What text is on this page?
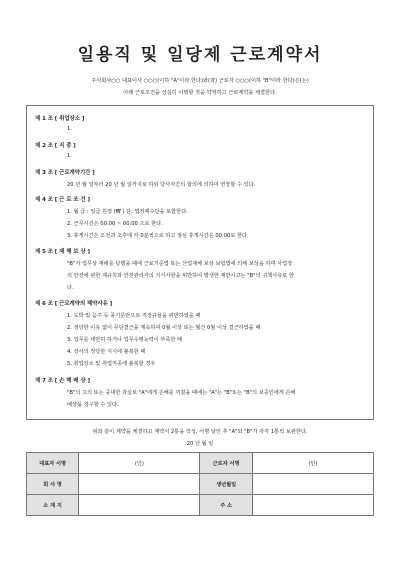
일용직 및 일당제 근로계약서
주식회사○○ 대표이사 ○○○(이하 "A"이라 한다)와(과) 근로자 ○○○(이하 "B"이라 한다)은(는)
아래 근로조건을 성실히 이행할 것을 약정하고 근로계약을 체결한다.
제 1 조 [ 취업장소 ]
1.
제 2 조 [ 직 종 ]
1.
제 3 조 [ 근로계약기간 ]
20 년 월 일부터 20 년 월 일까지로 하되 당사자간의 합의에 의하여 연장할 수 있다.
제 4 조 [ 근 로 조 건 ]
1. 월 급 : 일급 원정 (₩ ) 단, 법정제수당을 포함한다.
2. 근무시간은 00:00 ~ 00:00 으로 한다.
3. 휴게시간은 오전과 오후에 각 0분씩으로 하고 점심 휴게시간은 00:00로 한다.
제 5 조 [ 재 해 보 상 ]
"B"가 업무상 재해를 당했을 때에 근로기준법 또는 산업재해 보상 보험법에 의해 보상을 하며 사업장
의 안전에 관한 제규칙과 안전관리자의 지시사항을 위반하여 발생한 재반사고는 "B"의 귀책사유로 한
다.
제 6 조 [ 근로계약의 해약사유 ]
1. 도박 및 음주 등 풍기문란으로 직장규율을 위반하였을 때
2. 정당한 이유 없이 무단결근을 계속하여 0월 이상 또는 월간 0월 이상 결근하였을 때
3. 업무를 태만히 하거나 업무수행능력이 부족한 때
4. 상사의 정당한 지시에 불복한 때
5. 취업장소 및 취업직종에 불복할 경우
제 7 조 [ 손 해 배 상 ]
"B"의 고의 또는 중대한 과실로 "A"에게 손해를 끼쳤을 때에는 "A"는 "B"또는 "B"의 보증인에게 손해
배상을 청구할 수 있다.
위와 같이 계약을 체결하고 계약서 2통을 작성, 서명 날인 후 "A"와 "B"가 각각 1통씩 보관한다.
20 년 월 일
대표자 서명	(인)	근로자 서명	(인)
회 사 명		생년월일	
소 재 지		주 소	
